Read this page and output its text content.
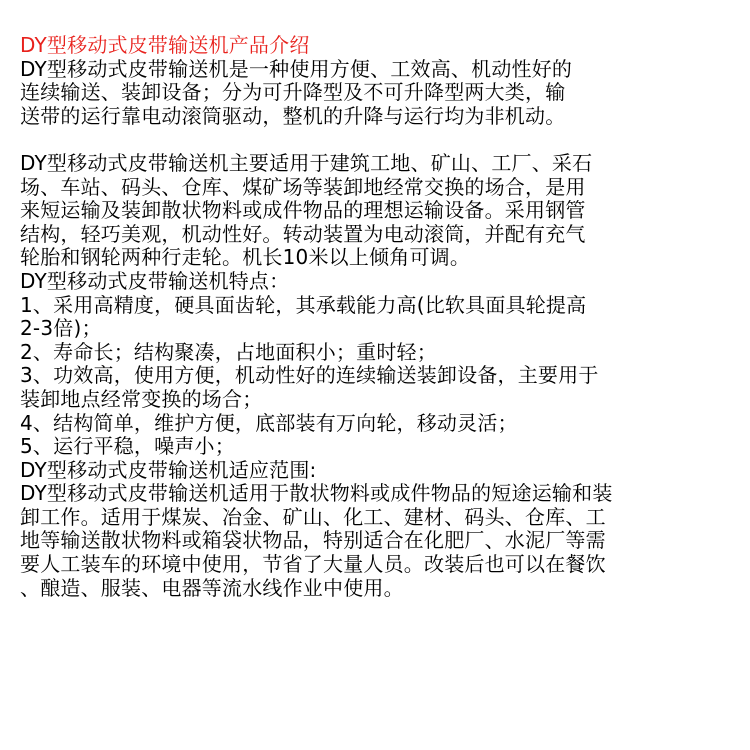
DY型移动式皮带输送机产品介绍
DY型移动式皮带输送机是一种使用方便、工效高、机动性好的
连续输送、装卸设备；分为可升降型及不可升降型两大类，输
送带的运行靠电动滚筒驱动，整机的升降与运行均为非机动。
DY型移动式皮带输送机主要适用于建筑工地、矿山、工厂、采石
场、车站、码头、仓库、煤矿场等装卸地经常交换的场合，是用
来短运输及装卸散状物料或成件物品的理想运输设备。采用钢管
结构，轻巧美观，机动性好。转动装置为电动滚筒，并配有充气
轮胎和钢轮两种行走轮。机长10米以上倾角可调。
DY型移动式皮带输送机特点：
1、采用高精度，硬具面齿轮，其承载能力高(比软具面具轮提高
2-3倍)；
2、寿命长；结构聚凑，占地面积小；重时轻；
3、功效高，使用方便，机动性好的连续输送装卸设备，主要用于
装卸地点经常变换的场合；
4、结构简单，维护方便，底部装有万向轮，移动灵活；
5、运行平稳，噪声小；
DY型移动式皮带输送机适应范围:
DY型移动式皮带输送机适用于散状物料或成件物品的短途运输和装
卸工作。适用于煤炭、冶金、矿山、化工、建材、码头、仓库、工
地等输送散状物料或箱袋状物品，特别适合在化肥厂、水泥厂等需
要人工装车的环境中使用，节省了大量人员。改装后也可以在餐饮
、酿造、服装、电器等流水线作业中使用。
